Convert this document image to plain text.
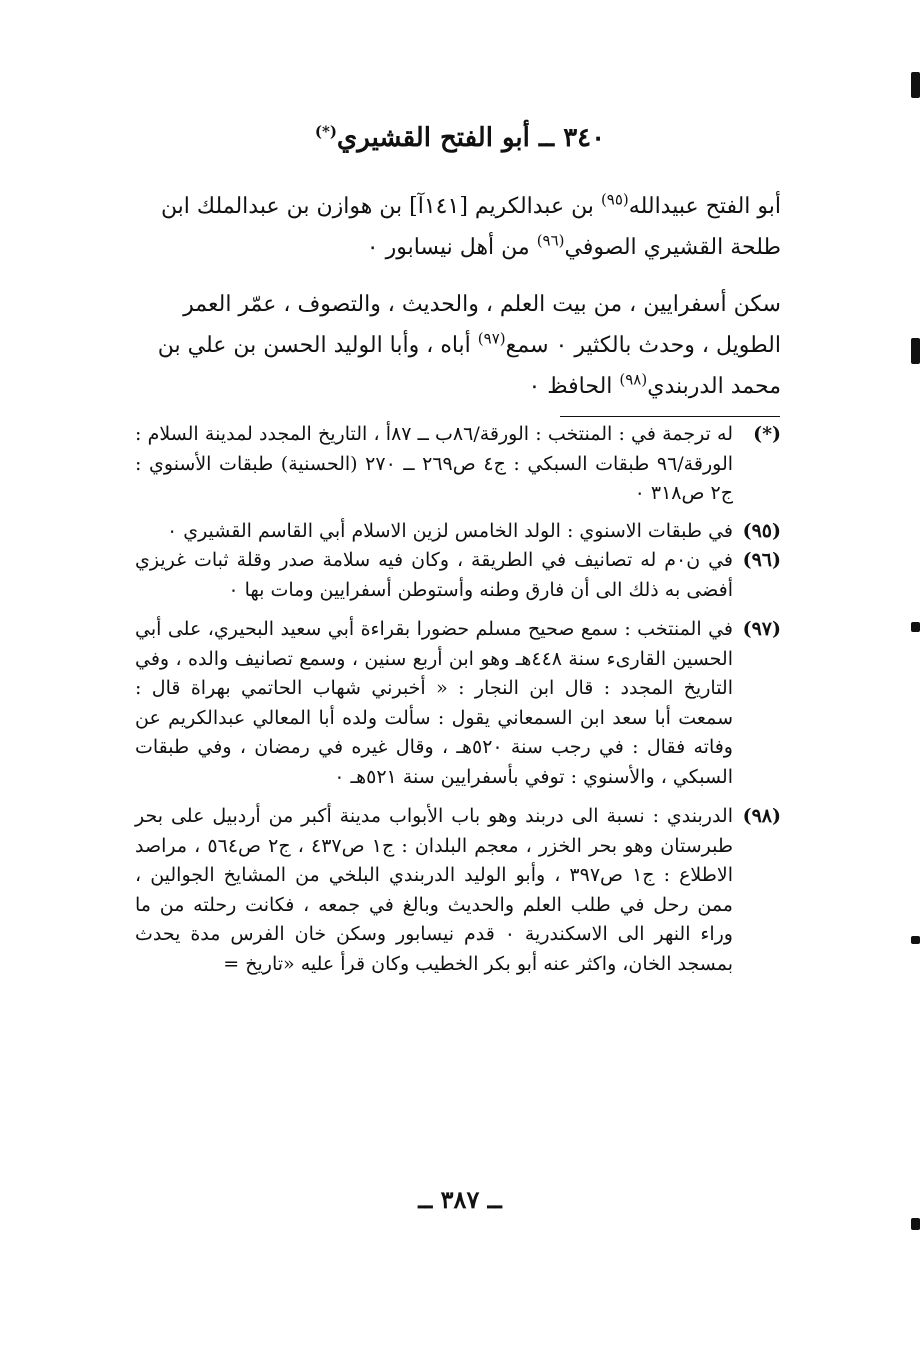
٣٤٠ ــ أبو الفتح القشيري(*)

أبو الفتح عبيدالله$^{(٩٥)}$ بن عبدالكريم [١٤١آ] بن هوازن بن عبدالملك ابن طلحة القشيري الصوفي$^{(٩٦)}$ من أهل نيسابور ٠

سكن أسفرايين ، من بيت العلم ، والحديث ، والتصوف ، عمّر العمر الطويل ، وحدث بالكثير ٠ سمع$^{(٩٧)}$ أباه ، وأبا الوليد الحسن بن علي بن محمد الدربندي$^{(٩٨)}$ الحافظ ٠

(*)
له ترجمة في : المنتخب : الورقة/٨٦ب ــ ٨٧أ ، التاريخ المجدد لمدينة السلام : الورقة/٩٦ طبقات السبكي : ج٤ ص٢٦٩ ــ ٢٧٠ (الحسنية) طبقات الأسنوي : ج٢ ص٣١٨ ٠
(٩٥)
في طبقات الاسنوي : الولد الخامس لزين الاسلام أبي القاسم القشيري ٠
(٩٦)
في ن٠م له تصانيف في الطريقة ، وكان فيه سلامة صدر وقلة ثبات غريزي أفضى به ذلك الى أن فارق وطنه وأستوطن أسفرايين ومات بها ٠
(٩٧)
في المنتخب : سمع صحيح مسلم حضورا بقراءة أبي سعيد البحيري، على أبي الحسين القارىء سنة ٤٤٨هـ وهو ابن أربع سنين ، وسمع تصانيف والده ، وفي التاريخ المجدد : قال ابن النجار : « أخبرني شهاب الحاتمي بهراة قال : سمعت أبا سعد ابن السمعاني يقول : سألت ولده أبا المعالي عبدالكريم عن وفاته فقال : في رجب سنة ٥٢٠هـ ، وقال غيره في رمضان ، وفي طبقات السبكي ، والأسنوي : توفي بأسفرايين سنة ٥٢١هـ ٠
(٩٨)
الدربندي : نسبة الى دربند وهو باب الأبواب مدينة أكبر من أردبيل على بحر طبرستان وهو بحر الخزر ، معجم البلدان : ج١ ص٤٣٧ ، ج٢ ص٥٦٤ ، مراصد الاطلاع : ج١ ص٣٩٧ ، وأبو الوليد الدربندي البلخي من المشايخ الجوالين ، ممن رحل في طلب العلم والحديث وبالغ في جمعه ، فكانت رحلته من ما وراء النهر الى الاسكندرية ٠ قدم نيسابور وسكن خان الفرس مدة يحدث بمسجد الخان، واكثر عنه أبو بكر الخطيب وكان قرأ عليه «تاريخ =
ــ ٣٨٧ ــ
